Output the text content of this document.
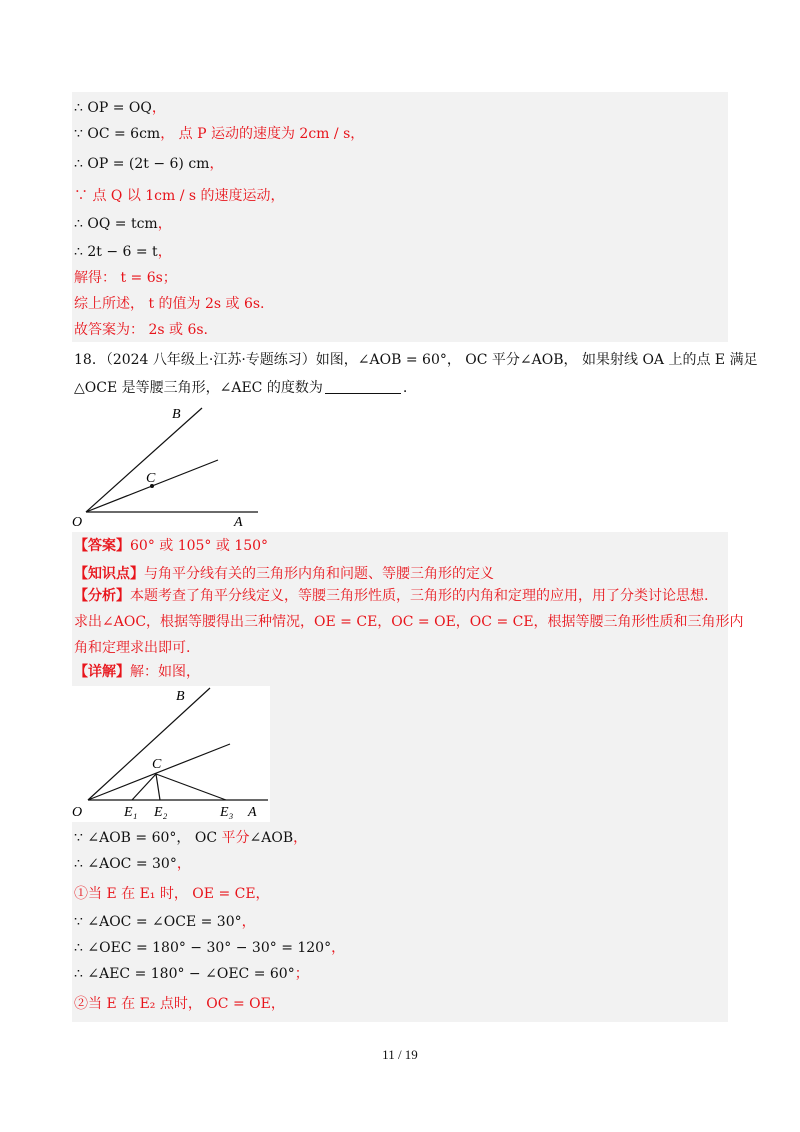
∴ OP = OQ，
∵ OC = 6cm， 点 P 运动的速度为 2cm / s，
∴ OP = (2t − 6) cm，
∵ 点 Q 以 1cm / s 的速度运动，
∴ OQ = tcm，
∴ 2t − 6 = t，
解得： t = 6s；
综上所述， t 的值为 2s 或 6s.
故答案为： 2s 或 6s.
18．（2024 八年级上·江苏·专题练习）如图，∠AOB = 60°， OC 平分∠AOB， 如果射线 OA 上的点 E 满足
△OCE 是等腰三角形，∠AEC 的度数为	.
B
C
O	A
【答案】60° 或 105° 或 150°
【知识点】与角平分线有关的三角形内角和问题、等腰三角形的定义
【分析】本题考查了角平分线定义，等腰三角形性质，三角形的内角和定理的应用，用了分类讨论思想.
求出∠AOC，根据等腰得出三种情况，OE = CE，OC = OE，OC = CE，根据等腰三角形性质和三角形内
角和定理求出即可.
【详解】解：如图，
B
C
O	E₁ E₂	E₃ A
∵ ∠AOB = 60°， OC 平分∠AOB，
∴ ∠AOC = 30°，
①当 E 在 E₁ 时， OE = CE，
∵ ∠AOC = ∠OCE = 30°，
∴ ∠OEC = 180° − 30° − 30° = 120°，
∴ ∠AEC = 180° − ∠OEC = 60°；
②当 E 在 E₂ 点时， OC = OE，
11 / 19
